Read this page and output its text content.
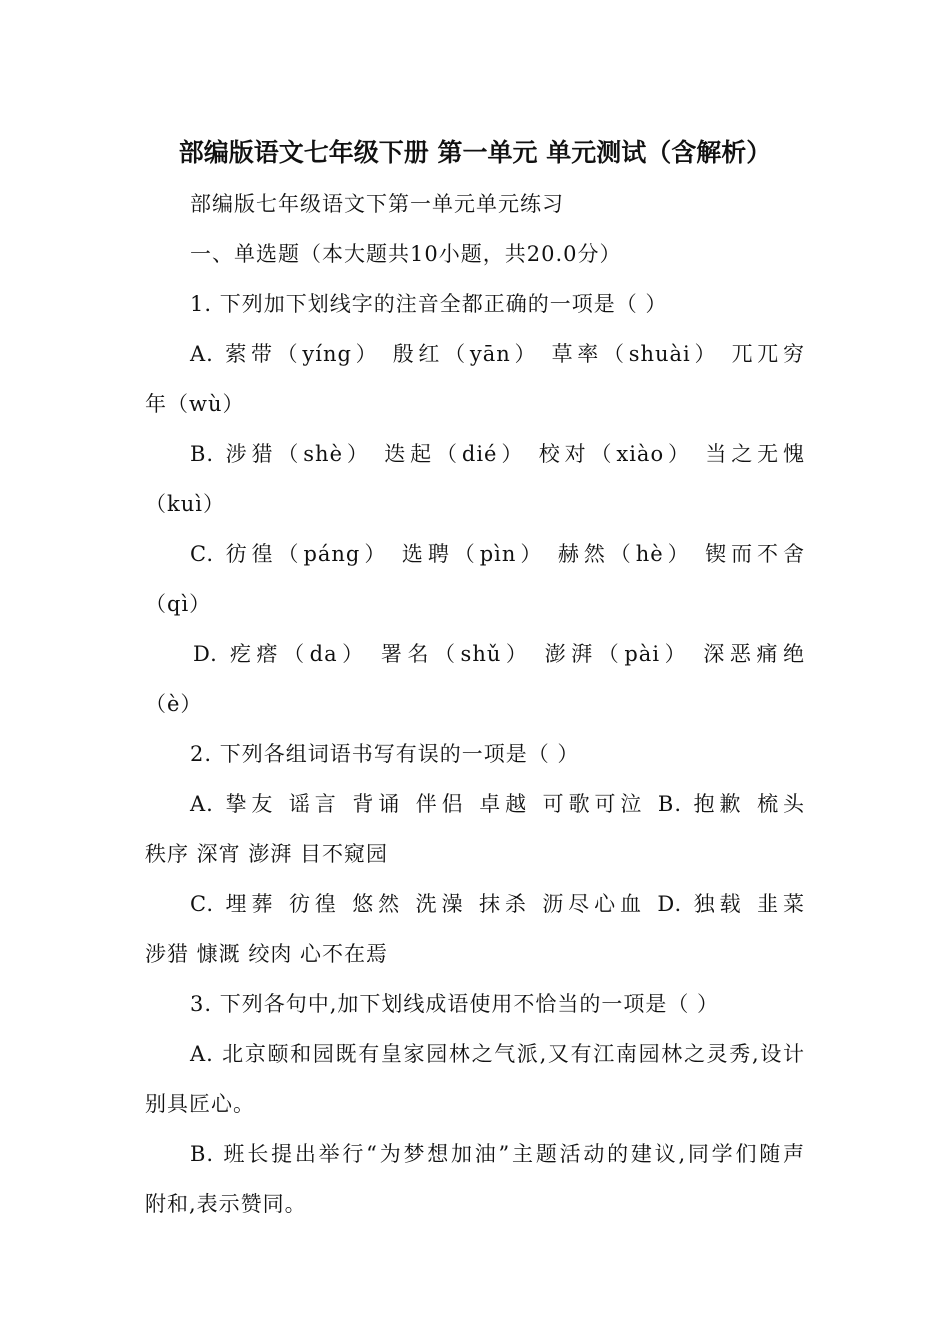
部编版语文七年级下册 第一单元 单元测试（含解析）
部编版七年级语文下第一单元单元练习
一、单选题（本大题共10小题，共20.0分）
1. 下列加下划线字的注音全都正确的一项是（ ）
A. 萦带（yíng） 殷红（yān） 草率（shuài） 兀兀穷
年（wù）
B. 涉猎（shè） 迭起（dié） 校对（xiào） 当之无愧
（kuì）
C. 彷徨（páng） 选聘（pìn） 赫然（hè） 锲而不舍
（qì）
D. 疙瘩（da） 署名（shǔ） 澎湃（pài） 深恶痛绝
（è）
2. 下列各组词语书写有误的一项是（ ）
A. 挚友 谣言 背诵 伴侣 卓越 可歌可泣 B. 抱歉 梳头
秩序 深宵 澎湃 目不窥园
C. 埋葬 彷徨 悠然 洗澡 抹杀 沥尽心血 D. 独载 韭菜
涉猎 慷溉 绞肉 心不在焉
3. 下列各句中,加下划线成语使用不恰当的一项是（ ）
A. 北京颐和园既有皇家园林之气派,又有江南园林之灵秀,设计
别具匠心。
B. 班长提出举行“为梦想加油”主题活动的建议,同学们随声
附和,表示赞同。
